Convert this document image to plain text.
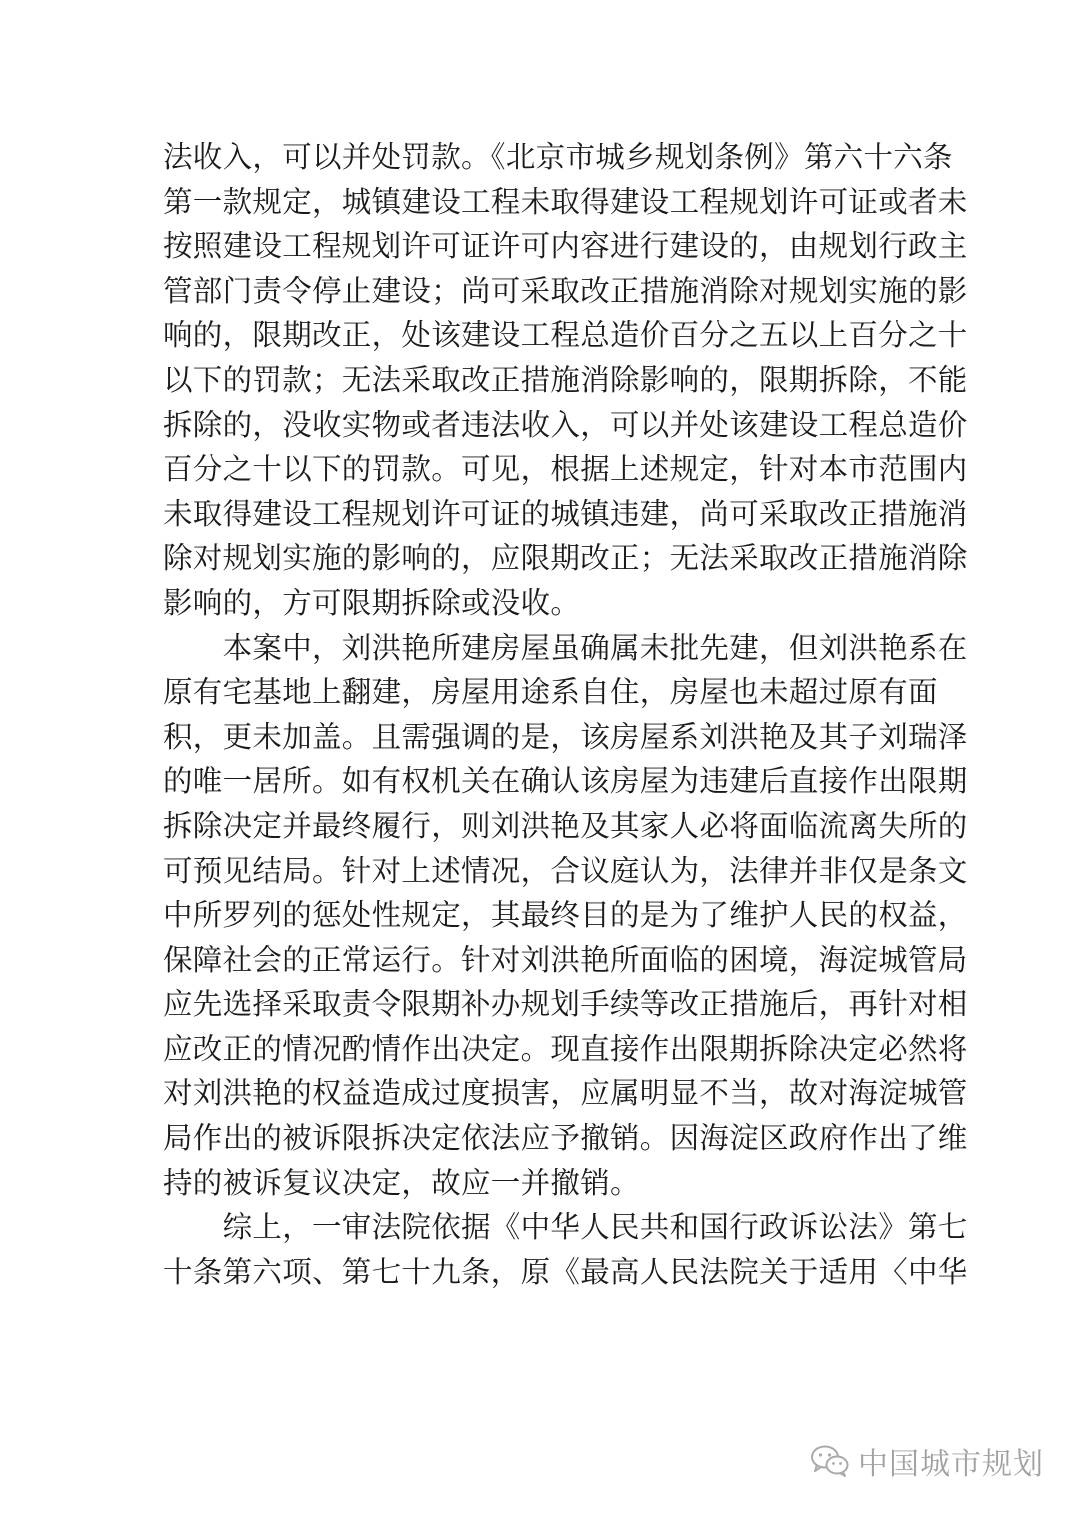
法收入，可以并处罚款。《北京市城乡规划条例》第六十六条
第一款规定，城镇建设工程未取得建设工程规划许可证或者未
按照建设工程规划许可证许可内容进行建设的，由规划行政主
管部门责令停止建设；尚可采取改正措施消除对规划实施的影
响的，限期改正，处该建设工程总造价百分之五以上百分之十
以下的罚款；无法采取改正措施消除影响的，限期拆除，不能
拆除的，没收实物或者违法收入，可以并处该建设工程总造价
百分之十以下的罚款。可见，根据上述规定，针对本市范围内
未取得建设工程规划许可证的城镇违建，尚可采取改正措施消
除对规划实施的影响的，应限期改正；无法采取改正措施消除
影响的，方可限期拆除或没收。

　　本案中，刘洪艳所建房屋虽确属未批先建，但刘洪艳系在
原有宅基地上翻建，房屋用途系自住，房屋也未超过原有面
积，更未加盖。且需强调的是，该房屋系刘洪艳及其子刘瑞泽
的唯一居所。如有权机关在确认该房屋为违建后直接作出限期
拆除决定并最终履行，则刘洪艳及其家人必将面临流离失所的
可预见结局。针对上述情况，合议庭认为，法律并非仅是条文
中所罗列的惩处性规定，其最终目的是为了维护人民的权益，
保障社会的正常运行。针对刘洪艳所面临的困境，海淀城管局
应先选择采取责令限期补办规划手续等改正措施后，再针对相
应改正的情况酌情作出决定。现直接作出限期拆除决定必然将
对刘洪艳的权益造成过度损害，应属明显不当，故对海淀城管
局作出的被诉限拆决定依法应予撤销。因海淀区政府作出了维
持的被诉复议决定，故应一并撤销。

　　综上，一审法院依据《中华人民共和国行政诉讼法》第七
十条第六项、第七十九条，原《最高人民法院关于适用〈中华

中国城市规划
